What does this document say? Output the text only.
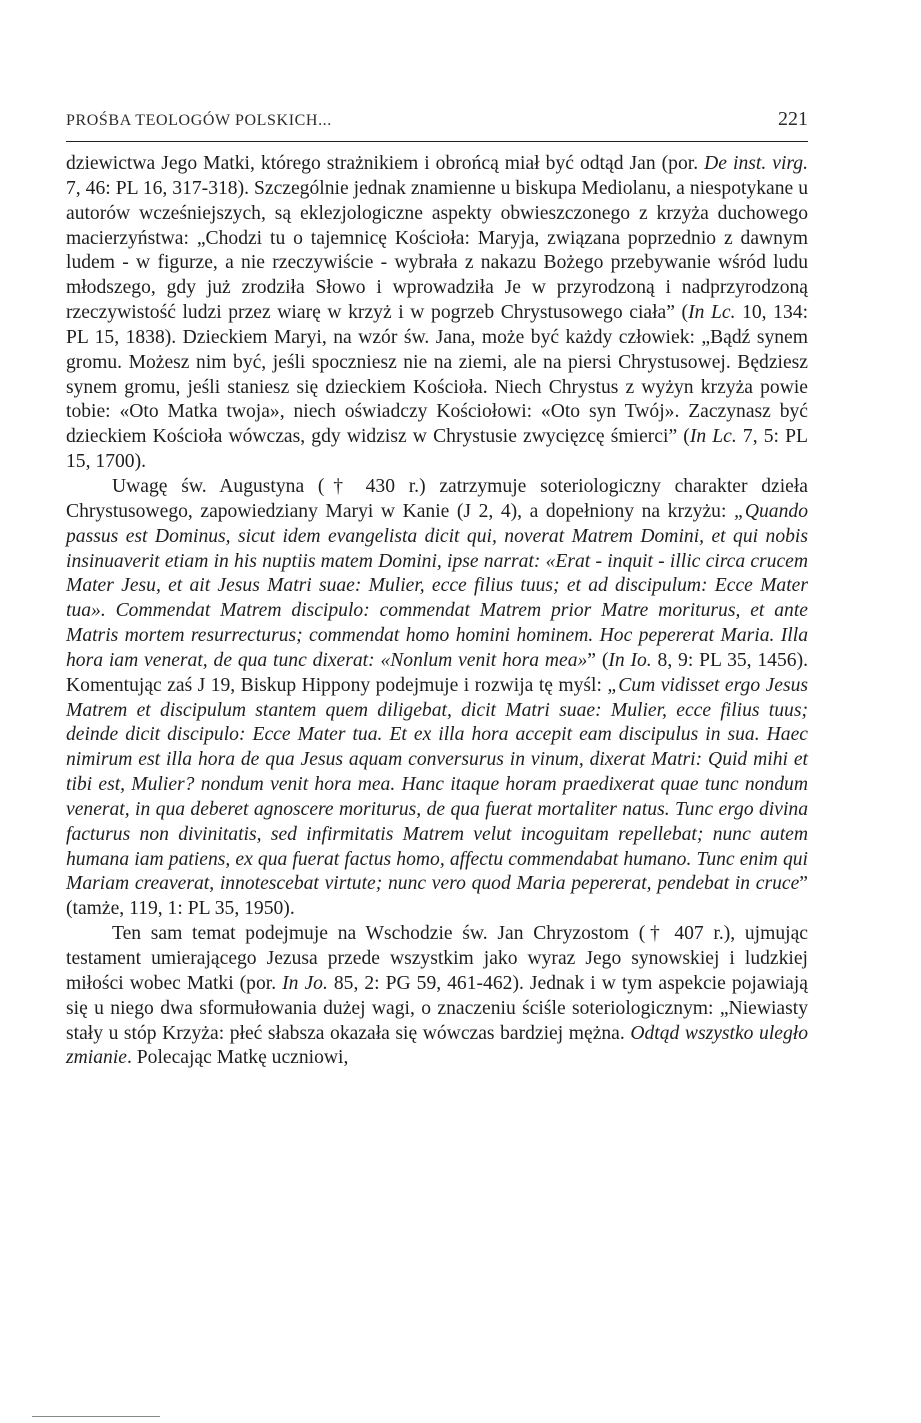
PROŚBA TEOLOGÓW POLSKICH...	221

dziewictwa Jego Matki, którego strażnikiem i obrońcą miał być odtąd Jan (por. De inst. virg. 7, 46: PL 16, 317-318). Szczególnie jednak znamienne u biskupa Mediolanu, a niespotykane u autorów wcześniejszych, są eklezjologiczne aspekty obwieszczonego z krzyża duchowego macierzyństwa: „Chodzi tu o tajemnicę Kościoła: Maryja, związana poprzednio z dawnym ludem - w figurze, a nie rzeczywiście - wybrała z nakazu Bożego przebywanie wśród ludu młodszego, gdy już zrodziła Słowo i wprowadziła Je w przyrodzoną i nadprzyrodzoną rzeczywistość ludzi przez wiarę w krzyż i w pogrzeb Chrystusowego ciała” (In Lc. 10, 134: PL 15, 1838). Dzieckiem Maryi, na wzór św. Jana, może być każdy człowiek: „Bądź synem gromu. Możesz nim być, jeśli spoczniesz nie na ziemi, ale na piersi Chrystusowej. Będziesz synem gromu, jeśli staniesz się dzieckiem Kościoła. Niech Chrystus z wyżyn krzyża powie tobie: «Oto Matka twoja», niech oświadczy Kościołowi: «Oto syn Twój». Zaczynasz być dzieckiem Kościoła wówczas, gdy widzisz w Chrystusie zwycięzcę śmierci” (In Lc. 7, 5: PL 15, 1700).

Uwagę św. Augustyna († 430 r.) zatrzymuje soteriologiczny charakter dzieła Chrystusowego, zapowiedziany Maryi w Kanie (J 2, 4), a dopełniony na krzyżu: „Quando passus est Dominus, sicut idem evangelista dicit qui, noverat Matrem Domini, et qui nobis insinuaverit etiam in his nuptiis matem Domini, ipse narrat: «Erat - inquit - illic circa crucem Mater Jesu, et ait Jesus Matri suae: Mulier, ecce filius tuus; et ad discipulum: Ecce Mater tua». Commendat Matrem discipulo: commendat Matrem prior Matre moriturus, et ante Matris mortem resurrecturus; commendat homo homini hominem. Hoc pepererat Maria. Illa hora iam venerat, de qua tunc dixerat: «Nonlum venit hora mea»” (In Io. 8, 9: PL 35, 1456). Komentując zaś J 19, Biskup Hippony podejmuje i rozwija tę myśl: „Cum vidisset ergo Jesus Matrem et discipulum stantem quem diligebat, dicit Matri suae: Mulier, ecce filius tuus; deinde dicit discipulo: Ecce Mater tua. Et ex illa hora accepit eam discipulus in sua. Haec nimirum est illa hora de qua Jesus aquam conversurus in vinum, dixerat Matri: Quid mihi et tibi est, Mulier? nondum venit hora mea. Hanc itaque horam praedixerat quae tunc nondum venerat, in qua deberet agnoscere moriturus, de qua fuerat mortaliter natus. Tunc ergo divina facturus non divinitatis, sed infirmitatis Matrem velut incoguitam repellebat; nunc autem humana iam patiens, ex qua fuerat factus homo, affectu commendabat humano. Tunc enim qui Mariam creaverat, innotescebat virtute; nunc vero quod Maria pepererat, pendebat in cruce” (tamże, 119, 1: PL 35, 1950).

Ten sam temat podejmuje na Wschodzie św. Jan Chryzostom († 407 r.), ujmując testament umierającego Jezusa przede wszystkim jako wyraz Jego synowskiej i ludzkiej miłości wobec Matki (por. In Jo. 85, 2: PG 59, 461-462). Jednak i w tym aspekcie pojawiają się u niego dwa sformułowania dużej wagi, o znaczeniu ściśle soteriologicznym: „Niewiasty stały u stóp Krzyża: płeć słabsza okazała się wówczas bardziej mężna. Odtąd wszystko uległo zmianie. Polecając Matkę uczniowi,
